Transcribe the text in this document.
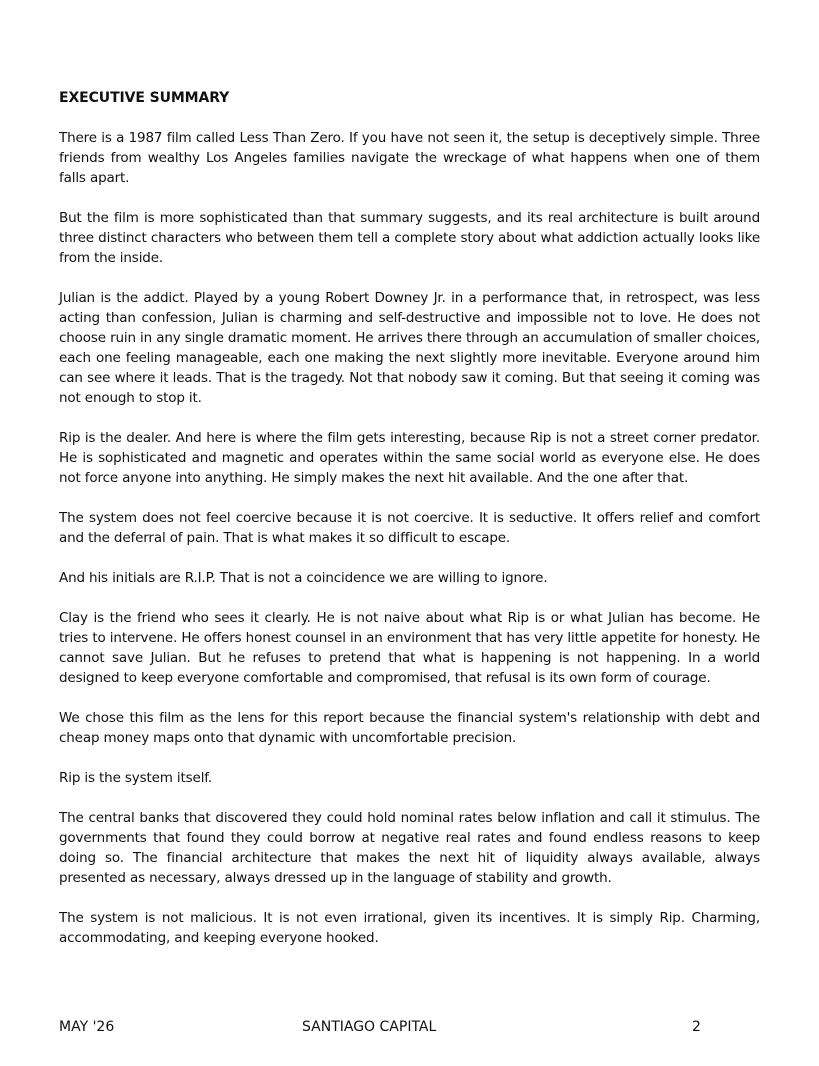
EXECUTIVE SUMMARY

There is a 1987 film called Less Than Zero. If you have not seen it, the setup is deceptively simple. Three friends from wealthy Los Angeles families navigate the wreckage of what happens when one of them falls apart.

But the film is more sophisticated than that summary suggests, and its real architecture is built around three distinct characters who between them tell a complete story about what addiction actually looks like from the inside.

Julian is the addict. Played by a young Robert Downey Jr. in a performance that, in retrospect, was less acting than confession, Julian is charming and self-destructive and impossible not to love. He does not choose ruin in any single dramatic moment. He arrives there through an accumulation of smaller choices, each one feeling manageable, each one making the next slightly more inevitable. Everyone around him can see where it leads. That is the tragedy. Not that nobody saw it coming. But that seeing it coming was not enough to stop it.

Rip is the dealer. And here is where the film gets interesting, because Rip is not a street corner predator. He is sophisticated and magnetic and operates within the same social world as everyone else. He does not force anyone into anything. He simply makes the next hit available. And the one after that.

The system does not feel coercive because it is not coercive. It is seductive. It offers relief and comfort and the deferral of pain. That is what makes it so difficult to escape.

And his initials are R.I.P. That is not a coincidence we are willing to ignore.

Clay is the friend who sees it clearly. He is not naive about what Rip is or what Julian has become. He tries to intervene. He offers honest counsel in an environment that has very little appetite for honesty. He cannot save Julian. But he refuses to pretend that what is happening is not happening. In a world designed to keep everyone comfortable and compromised, that refusal is its own form of courage.

We chose this film as the lens for this report because the financial system's relationship with debt and cheap money maps onto that dynamic with uncomfortable precision.

Rip is the system itself.

The central banks that discovered they could hold nominal rates below inflation and call it stimulus. The governments that found they could borrow at negative real rates and found endless reasons to keep doing so. The financial architecture that makes the next hit of liquidity always available, always presented as necessary, always dressed up in the language of stability and growth.

The system is not malicious. It is not even irrational, given its incentives. It is simply Rip. Charming, accommodating, and keeping everyone hooked.

MAY '26	SANTIAGO CAPITAL	2
